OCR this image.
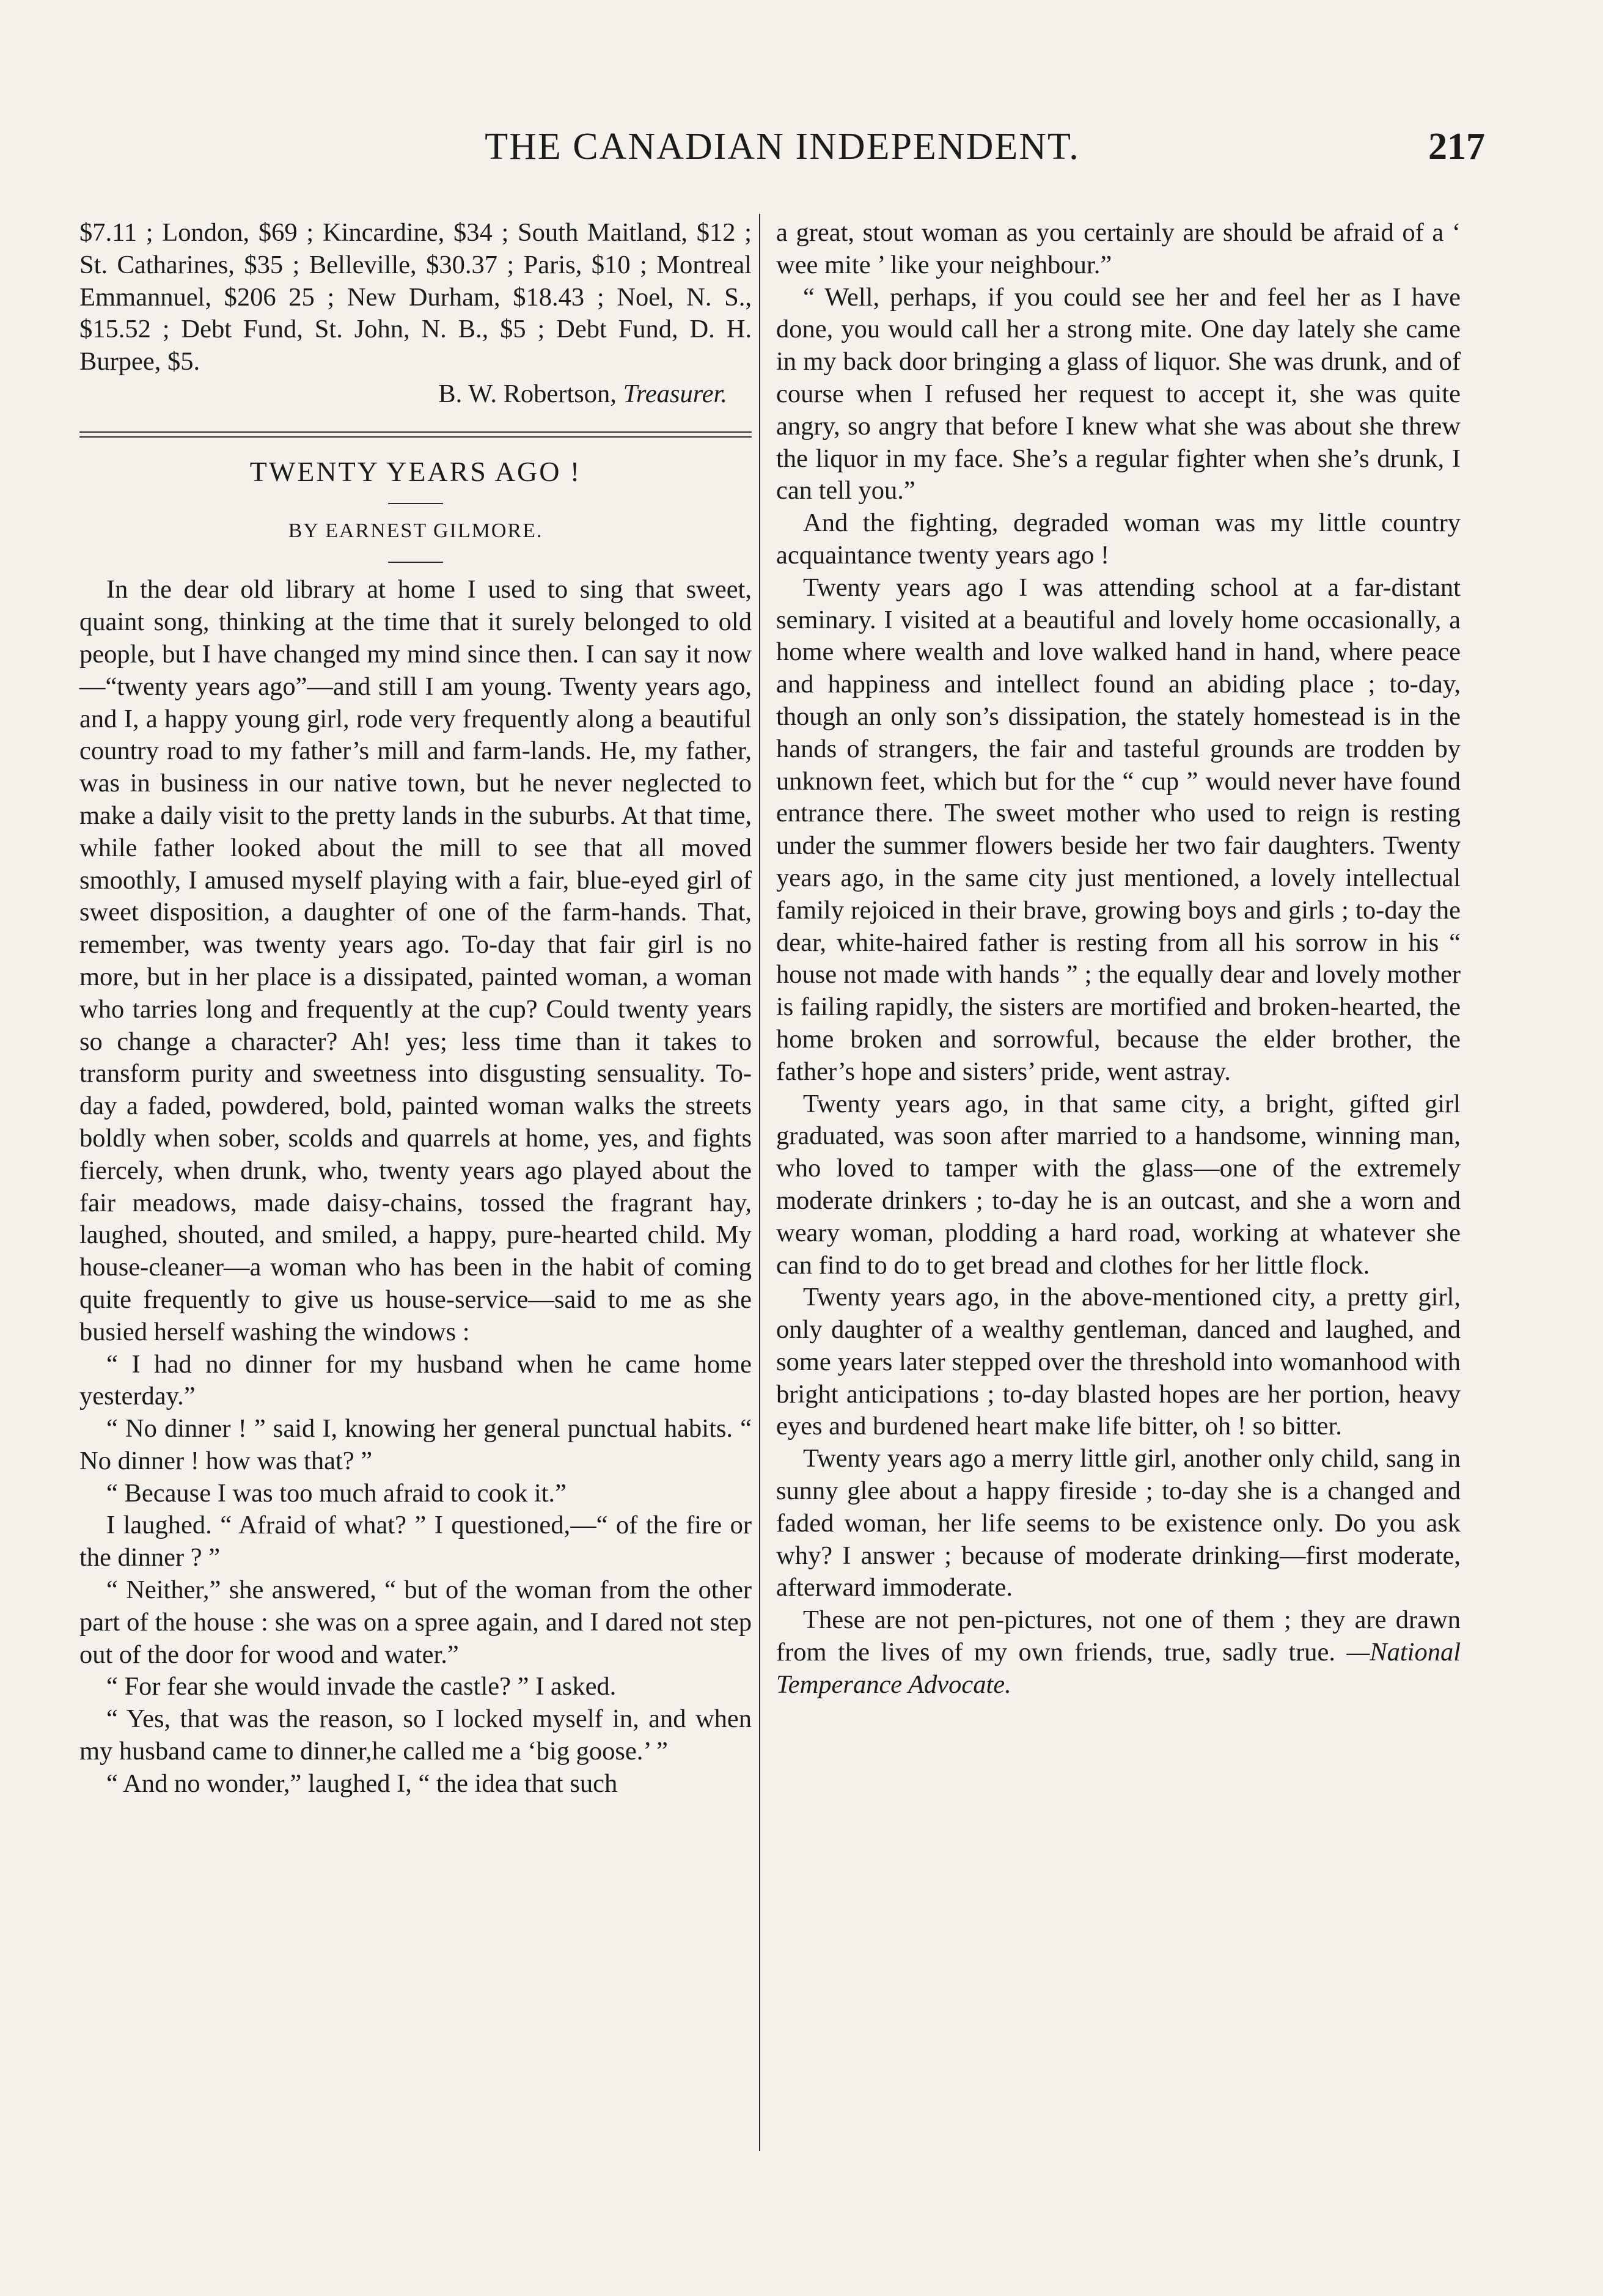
THE CANADIAN INDEPENDENT.	217

$7.11 ; London, $69 ; Kincardine, $34 ; South Maitland, $12 ; St. Catharines, $35 ; Belleville, $30.37 ; Paris, $10 ; Montreal Emmannuel, $206 25 ; New Durham, $18.43 ; Noel, N. S., $15.52 ; Debt Fund, St. John, N. B., $5 ; Debt Fund, D. H. Burpee, $5.

B. W. Robertson, Treasurer.
TWENTY YEARS AGO !
BY EARNEST GILMORE.

In the dear old library at home I used to sing that sweet, quaint song, thinking at the time that it surely belonged to old people, but I have changed my mind since then. I can say it now—“twenty years ago”—and still I am young. Twenty years ago, and I, a happy young girl, rode very frequently along a beautiful country road to my father’s mill and farm-lands. He, my father, was in business in our native town, but he never neglected to make a daily visit to the pretty lands in the suburbs. At that time, while father looked about the mill to see that all moved smoothly, I amused myself playing with a fair, blue-eyed girl of sweet disposition, a daughter of one of the farm-hands. That, remember, was twenty years ago. To-day that fair girl is no more, but in her place is a dissipated, painted woman, a woman who tarries long and frequently at the cup? Could twenty years so change a character? Ah! yes; less time than it takes to transform purity and sweetness into disgusting sensuality. To-day a faded, powdered, bold, painted woman walks the streets boldly when sober, scolds and quarrels at home, yes, and fights fiercely, when drunk, who, twenty years ago played about the fair meadows, made daisy-chains, tossed the fragrant hay, laughed, shouted, and smiled, a happy, pure-hearted child. My house-cleaner—a woman who has been in the habit of coming quite frequently to give us house-service—said to me as she busied herself washing the windows :

“ I had no dinner for my husband when he came home yesterday.”

“ No dinner ! ” said I, knowing her general punctual habits. “ No dinner ! how was that? ”

“ Because I was too much afraid to cook it.”

I laughed. “ Afraid of what? ” I questioned,—“ of the fire or the dinner ? ”

“ Neither,” she answered, “ but of the woman from the other part of the house : she was on a spree again, and I dared not step out of the door for wood and water.”

“ For fear she would invade the castle? ” I asked.

“ Yes, that was the reason, so I locked myself in, and when my husband came to dinner,he called me a ‘big goose.’ ”

“ And no wonder,” laughed I, “ the idea that such

a great, stout woman as you certainly are should be afraid of a ‘ wee mite ’ like your neighbour.”

“ Well, perhaps, if you could see her and feel her as I have done, you would call her a strong mite. One day lately she came in my back door bringing a glass of liquor. She was drunk, and of course when I refused her request to accept it, she was quite angry, so angry that before I knew what she was about she threw the liquor in my face. She’s a regular fighter when she’s drunk, I can tell you.”

And the fighting, degraded woman was my little country acquaintance twenty years ago !

Twenty years ago I was attending school at a far-distant seminary. I visited at a beautiful and lovely home occasionally, a home where wealth and love walked hand in hand, where peace and happiness and intellect found an abiding place ; to-day, though an only son’s dissipation, the stately homestead is in the hands of strangers, the fair and tasteful grounds are trodden by unknown feet, which but for the “ cup ” would never have found entrance there. The sweet mother who used to reign is resting under the summer flowers beside her two fair daughters. Twenty years ago, in the same city just mentioned, a lovely intellectual family rejoiced in their brave, growing boys and girls ; to-day the dear, white-haired father is resting from all his sorrow in his “ house not made with hands ” ; the equally dear and lovely mother is failing rapidly, the sisters are mortified and broken-hearted, the home broken and sorrowful, because the elder brother, the father’s hope and sisters’ pride, went astray.

Twenty years ago, in that same city, a bright, gifted girl graduated, was soon after married to a handsome, winning man, who loved to tamper with the glass—one of the extremely moderate drinkers ; to-day he is an outcast, and she a worn and weary woman, plodding a hard road, working at whatever she can find to do to get bread and clothes for her little flock.

Twenty years ago, in the above-mentioned city, a pretty girl, only daughter of a wealthy gentleman, danced and laughed, and some years later stepped over the threshold into womanhood with bright anticipations ; to-day blasted hopes are her portion, heavy eyes and burdened heart make life bitter, oh ! so bitter.

Twenty years ago a merry little girl, another only child, sang in sunny glee about a happy fireside ; to-day she is a changed and faded woman, her life seems to be existence only. Do you ask why? I answer ; because of moderate drinking—first moderate, afterward immoderate.

These are not pen-pictures, not one of them ; they are drawn from the lives of my own friends, true, sadly true. —National Temperance Advocate.
